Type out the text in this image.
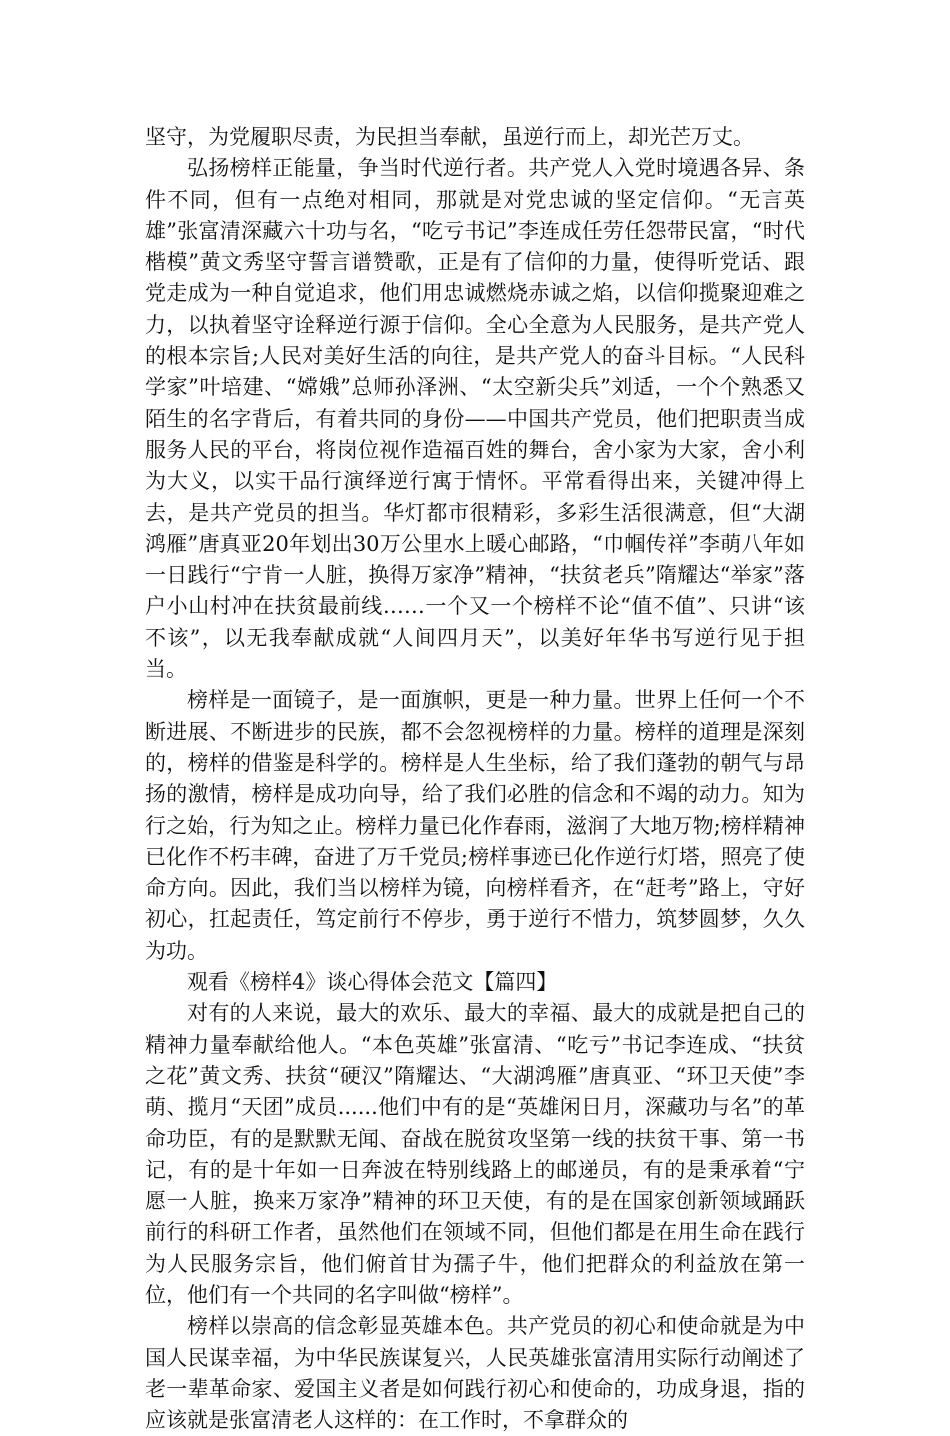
坚守，为党履职尽责，为民担当奉献，虽逆行而上，却光芒万丈。

弘扬榜样正能量，争当时代逆行者。共产党人入党时境遇各异、条件不同，但有一点绝对相同，那就是对党忠诚的坚定信仰。“无言英雄”张富清深藏六十功与名，“吃亏书记”李连成任劳任怨带民富，“时代楷模”黄文秀坚守誓言谱赞歌，正是有了信仰的力量，使得听党话、跟党走成为一种自觉追求，他们用忠诚燃烧赤诚之焰，以信仰揽聚迎难之力，以执着坚守诠释逆行源于信仰。全心全意为人民服务，是共产党人的根本宗旨;人民对美好生活的向往，是共产党人的奋斗目标。“人民科学家”叶培建、“嫦娥”总师孙泽洲、“太空新尖兵”刘适，一个个熟悉又陌生的名字背后，有着共同的身份——中国共产党员，他们把职责当成服务人民的平台，将岗位视作造福百姓的舞台，舍小家为大家，舍小利为大义，以实干品行演绎逆行寓于情怀。平常看得出来，关键冲得上去，是共产党员的担当。华灯都市很精彩，多彩生活很满意，但“大湖鸿雁”唐真亚20年划出30万公里水上暖心邮路，“巾帼传祥”李萌八年如一日践行“宁肯一人脏，换得万家净”精神，“扶贫老兵”隋耀达“举家”落户小山村冲在扶贫最前线……一个又一个榜样不论“值不值”、只讲“该不该”，以无我奉献成就“人间四月天”，以美好年华书写逆行见于担当。

榜样是一面镜子，是一面旗帜，更是一种力量。世界上任何一个不断进展、不断进步的民族，都不会忽视榜样的力量。榜样的道理是深刻的，榜样的借鉴是科学的。榜样是人生坐标，给了我们蓬勃的朝气与昂扬的激情，榜样是成功向导，给了我们必胜的信念和不竭的动力。知为行之始，行为知之止。榜样力量已化作春雨，滋润了大地万物;榜样精神已化作不朽丰碑，奋进了万千党员;榜样事迹已化作逆行灯塔，照亮了使命方向。因此，我们当以榜样为镜，向榜样看齐，在“赶考”路上，守好初心，扛起责任，笃定前行不停步，勇于逆行不惜力，筑梦圆梦，久久为功。

观看《榜样4》谈心得体会范文【篇四】

对有的人来说，最大的欢乐、最大的幸福、最大的成就是把自己的精神力量奉献给他人。“本色英雄”张富清、“吃亏”书记李连成、“扶贫之花”黄文秀、扶贫“硬汉”隋耀达、“大湖鸿雁”唐真亚、“环卫天使”李萌、揽月“天团”成员......他们中有的是“英雄闲日月，深藏功与名”的革命功臣，有的是默默无闻、奋战在脱贫攻坚第一线的扶贫干事、第一书记，有的是十年如一日奔波在特别线路上的邮递员，有的是秉承着“宁愿一人脏，换来万家净”精神的环卫天使，有的是在国家创新领域踊跃前行的科研工作者，虽然他们在领域不同，但他们都是在用生命在践行为人民服务宗旨，他们俯首甘为孺子牛，他们把群众的利益放在第一位，他们有一个共同的名字叫做“榜样”。

榜样以崇高的信念彰显英雄本色。共产党员的初心和使命就是为中国人民谋幸福，为中华民族谋复兴，人民英雄张富清用实际行动阐述了老一辈革命家、爱国主义者是如何践行初心和使命的，功成身退，指的应该就是张富清老人这样的：在工作时，不拿群众的
